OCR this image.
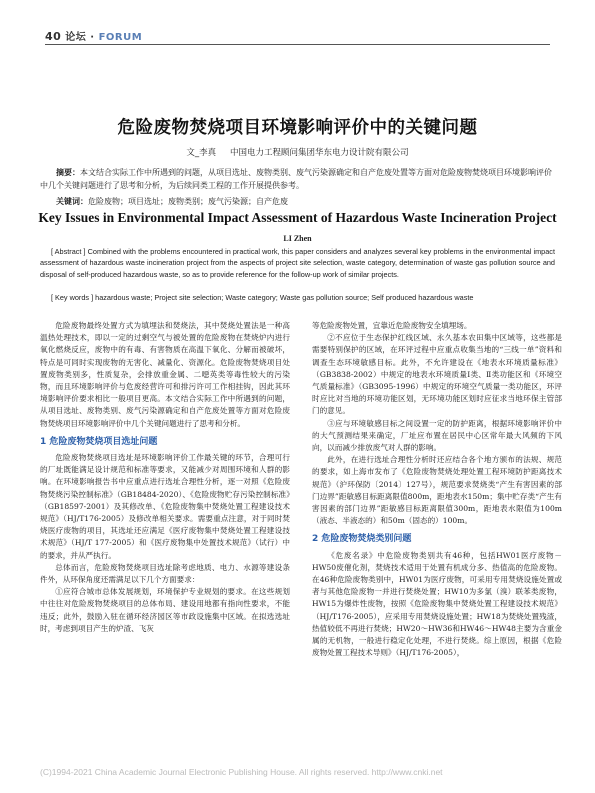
40 论坛 · FORUM
危险废物焚烧项目环境影响评价中的关键问题
文_李真 　 中国电力工程顾问集团华东电力设计院有限公司
摘要：本文结合实际工作中所遇到的问题，从项目选址、废物类别、废气污染源确定和自产危废处置等方面对危险废物焚烧项目环境影响评价中几个关键问题进行了思考和分析，为后续同类工程的工作开展提供参考。
关键词：危险废物；项目选址；废物类别；废气污染源；自产危废
Key Issues in Environmental Impact Assessment of Hazardous Waste Incineration Project
LI Zhen
[ Abstract ] Combined with the problems encountered in practical work, this paper considers and analyzes several key problems in the environmental impact assessment of hazardous waste incineration project from the aspects of project site selection, waste category, determination of waste gas pollution source and disposal of self-produced hazardous waste, so as to provide reference for the follow-up work of similar projects.
[ Key words ] hazardous waste; Project site selection; Waste category; Waste gas pollution source; Self produced hazardous waste

危险废物最终处置方式为填埋法和焚烧法，其中焚烧处置法是一种高温热处理技术，即以一定的过剩空气与被处置的危险废物在焚烧炉内进行氧化燃烧反应，废物中的有毒、有害物质在高温下氧化、分解而被破坏，特点是可同时实现废物的无害化、减量化、资源化。危险废物焚烧项目处置废物类别多，性质复杂，会排放重金属、二噁英类等毒性较大的污染物，而且环境影响评价与危废经营许可和排污许可工作相挂钩，因此其环境影响评价要求相比一般项目更高。本文结合实际工作中所遇到的问题，从项目选址、废物类别、废气污染源确定和自产危废处置等方面对危险废物焚烧项目环境影响评价中几个关键问题进行了思考和分析。

1 危险废物焚烧项目选址问题

危险废物焚烧项目选址是环境影响评价工作最关键的环节，合理可行的厂址既能满足设计规范和标准等要求，又能减少对周围环境和人群的影响。在环境影响报告书中应重点进行选址合理性分析，逐一对照《危险废物焚烧污染控制标准》（GB18484-2020）、《危险废物贮存污染控制标准》（GB18597-2001）及其修改单、《危险废物集中焚烧处置工程建设技术规范》（HJ/T176-2005）及修改单相关要求。需要重点注意，对于同时焚烧医疗废物的项目，其选址还应满足《医疗废物集中焚烧处置工程建设技术规范》（HJ/T 177-2005）和《医疗废物集中处置技术规范》（试行）中的要求，并从严执行。

总体而言，危险废物焚烧项目选址除考虑地质、电力、水源等建设条件外，从环保角度还需满足以下几个方面要求：

①应符合城市总体发展规划，环境保护专业规划的要求。在这些规划中往往对危险废物焚烧项目的总体布局、建设用地都有指向性要求，不能违反；此外，鼓励入驻在循环经济园区等市政设施集中区域。在拟选选址时，考虑到项目产生的炉渣、飞灰

等危险废物处置，宜靠近危险废物安全填埋场。

②不应位于生态保护红线区域、永久基本农田集中区域等，这些都是需要特别保护的区域，在环评过程中应重点收集当地的“三线一单”资料和调查生态环境敏感目标。此外，不允许建设在《地表水环境质量标准》（GB3838-2002）中规定的地表水环境质量Ⅰ类、Ⅱ类功能区和《环境空气质量标准》（GB3095-1996）中规定的环境空气质量一类功能区，环评时应比对当地的环境功能区划，无环境功能区划时应征求当地环保主管部门的意见。

③应与环境敏感目标之间设置一定的防护距离，根据环境影响评价中的大气预测结果来确定，厂址应布置在居民中心区常年最大风频的下风向，以而减少排放废气对人群的影响。

此外，在进行选址合理性分析时还应结合各个地方颁布的法规、规范的要求，如上海市发布了《危险废物焚烧处理处置工程环境防护距离技术规范》（沪环保防〔2014〕127号），规范要求焚烧类“产生有害因素的部门边界”距敏感目标距离限值800m，距地表水150m；集中贮存类“产生有害因素的部门边界”距敏感目标距离限值300m，距地表水限值为100m（液态、半液态的）和50m（固态的）100m。

2 危险废物焚烧类别问题

《危废名录》中危险废物类别共有46种，包括HW01医疗废物－HW50废催化剂，焚烧技术适用于处置有机成分多、热值高的危险废物。在46种危险废物类别中，HW01为医疗废物，可采用专用焚烧设施处置或者与其他危险废物一并进行焚烧处置；HW10为多氯（溴）联苯类废物，HW15为爆炸性废物，按照《危险废物集中焚烧处置工程建设技术规范》（HJ/T176-2005），应采用专用焚烧设施处置；HW18为焚烧处置残渣，热值较低不再进行焚烧；HW20～HW36和HW46～HW48主要为含重金属的无机物，一般进行稳定化处理，不进行焚烧。综上原因，根据《危险废物处置工程技术导则》（HJ/T176-2005），

(C)1994-2021 China Academic Journal Electronic Publishing House. All rights reserved. http://www.cnki.net
